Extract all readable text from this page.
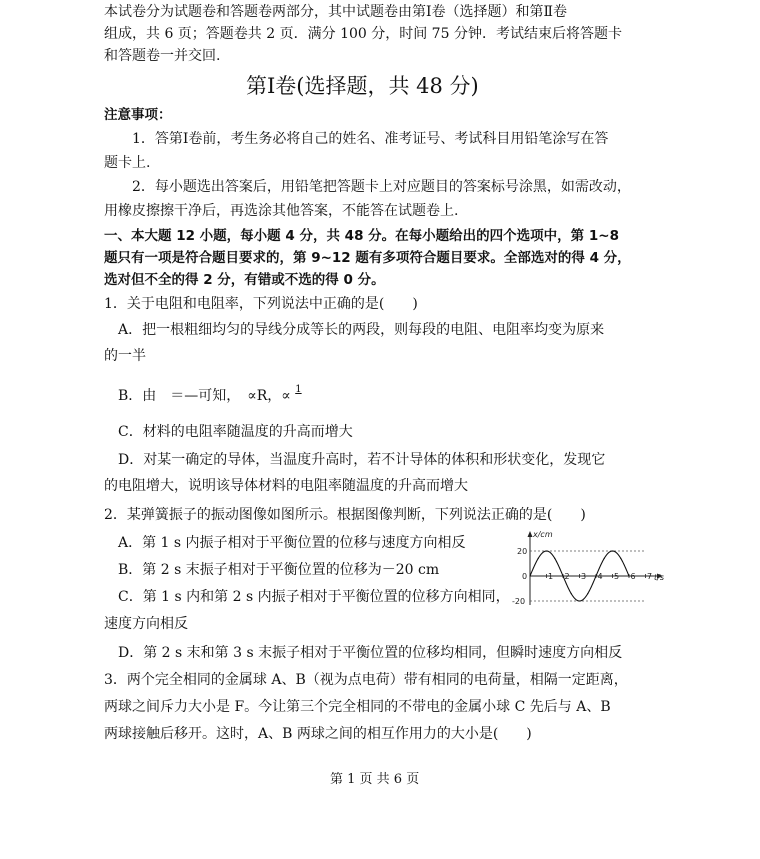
本试卷分为试题卷和答题卷两部分，其中试题卷由第Ⅰ卷（选择题）和第Ⅱ卷
组成，共 6 页；答题卷共 2 页．满分 100 分，时间 75 分钟．考试结束后将答题卡
和答题卷一并交回.
第Ⅰ卷(选择题，共 48 分)
注意事项：
1．答第Ⅰ卷前，考生务必将自己的姓名、准考证号、考试科目用铅笔涂写在答
题卡上.
2．每小题选出答案后，用铅笔把答题卡上对应题目的答案标号涂黑，如需改动，
用橡皮擦擦干净后，再选涂其他答案，不能答在试题卷上.
一、本大题 12 小题，每小题 4 分，共 48 分。在每小题给出的四个选项中，第 1~8
题只有一项是符合题目要求的，第 9~12 题有多项符合题目要求。全部选对的得 4 分，
选对但不全的得 2 分，有错或不选的得 0 分。
1．关于电阻和电阻率，下列说法中正确的是(　　)
A．把一根粗细均匀的导线分成等长的两段，则每段的电阻、电阻率均变为原来
的一半
B．由　＝—可知，　∝R，∝ $^1$
C．材料的电阻率随温度的升高而增大
D．对某一确定的导体，当温度升高时，若不计导体的体积和形状变化，发现它
的电阻增大，说明该导体材料的电阻率随温度的升高而增大
2．某弹簧振子的振动图像如图所示。根据图像判断，下列说法正确的是(　　)
A．第 1 s 内振子相对于平衡位置的位移与速度方向相反
B．第 2 s 末振子相对于平衡位置的位移为－20 cm
C．第 1 s 内和第 2 s 内振子相对于平衡位置的位移方向相同，
速度方向相反
D．第 2 s 末和第 3 s 末振子相对于平衡位置的位移均相同，但瞬时速度方向相反
x/cm
t/s
20
-20
0	1 2 3 4 5 6 7
3．两个完全相同的金属球 A、B（视为点电荷）带有相同的电荷量，相隔一定距离，
两球之间斥力大小是 F。今让第三个完全相同的不带电的金属小球 C 先后与 A、B
两球接触后移开。这时，A、B 两球之间的相互作用力的大小是(　　)
第 1 页 共 6 页
